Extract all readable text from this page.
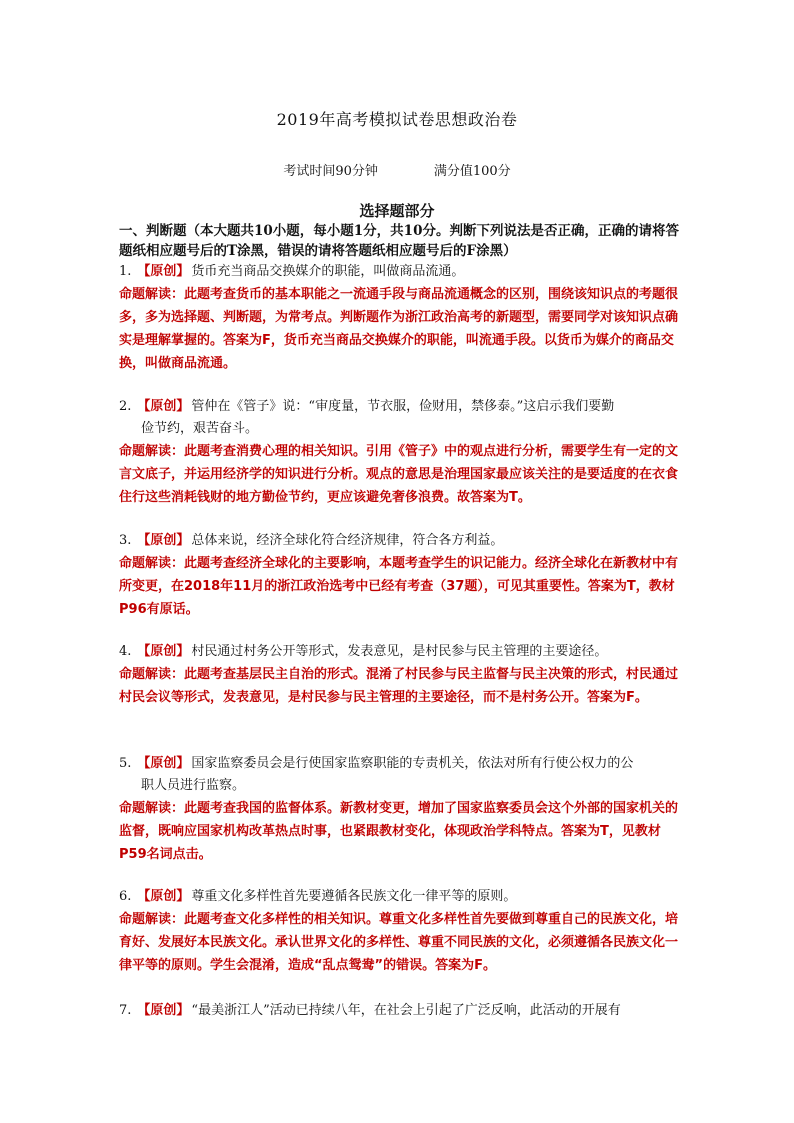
2019年高考模拟试卷思想政治卷
考试时间90分钟	满分值100分
选择题部分
一、判断题（本大题共10小题，每小题1分，共10分。判断下列说法是否正确，正确的请将答题纸相应题号后的T涂黑，错误的请将答题纸相应题号后的F涂黑）
1. 【原创】 货币充当商品交换媒介的职能，叫做商品流通。
命题解读：此题考查货币的基本职能之一流通手段与商品流通概念的区别，围绕该知识点的考题很多，多为选择题、判断题，为常考点。判断题作为浙江政治高考的新题型，需要同学对该知识点确实是理解掌握的。答案为F，货币充当商品交换媒介的职能，叫流通手段。以货币为媒介的商品交换，叫做商品流通。
2. 【原创】 管仲在《管子》说：“审度量，节衣服，俭财用，禁侈泰。”这启示我们要勤
俭节约，艰苦奋斗。
命题解读：此题考查消费心理的相关知识。引用《管子》中的观点进行分析，需要学生有一定的文言文底子，并运用经济学的知识进行分析。观点的意思是治理国家最应该关注的是要适度的在衣食住行这些消耗钱财的地方勤俭节约，更应该避免奢侈浪费。故答案为T。
3. 【原创】 总体来说，经济全球化符合经济规律，符合各方利益。
命题解读：此题考查经济全球化的主要影响，本题考查学生的识记能力。经济全球化在新教材中有所变更，在2018年11月的浙江政治选考中已经有考查（37题），可见其重要性。答案为T，教材P96有原话。
4. 【原创】 村民通过村务公开等形式，发表意见，是村民参与民主管理的主要途径。
命题解读：此题考查基层民主自治的形式。混淆了村民参与民主监督与民主决策的形式，村民通过村民会议等形式，发表意见，是村民参与民主管理的主要途径，而不是村务公开。答案为F。
5. 【原创】 国家监察委员会是行使国家监察职能的专责机关，依法对所有行使公权力的公
职人员进行监察。
命题解读：此题考查我国的监督体系。新教材变更，增加了国家监察委员会这个外部的国家机关的监督，既响应国家机构改革热点时事，也紧跟教材变化，体现政治学科特点。答案为T，见教材P59名词点击。
6. 【原创】 尊重文化多样性首先要遵循各民族文化一律平等的原则。
命题解读：此题考查文化多样性的相关知识。尊重文化多样性首先要做到尊重自己的民族文化，培育好、发展好本民族文化。承认世界文化的多样性、尊重不同民族的文化，必须遵循各民族文化一律平等的原则。学生会混淆，造成“乱点鸳鸯”的错误。答案为F。
7. 【原创】 “最美浙江人”活动已持续八年，在社会上引起了广泛反响，此活动的开展有
